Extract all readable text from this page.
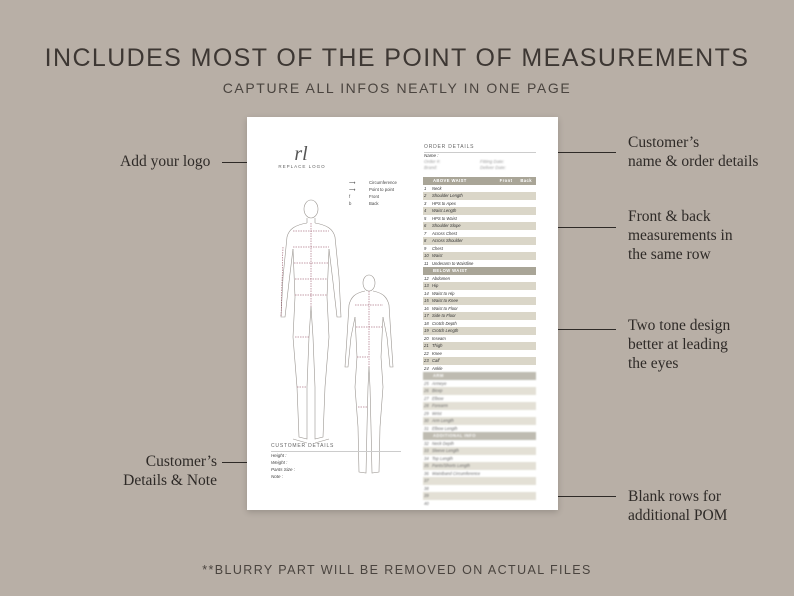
INCLUDES MOST OF THE POINT OF MEASUREMENTS
CAPTURE ALL INFOS NEATLY IN ONE PAGE
Add your logo
Customer’s
Details & Note
Customer’s
name & order details
Front & back
measurements in
the same row
Two tone design
better at leading
the eyes
Blank rows for
additional POM
rl
REPLACE LOGO
⟶	Circumference
⟶	Point to point
f	Front
b	Back
CUSTOMER DETAILS
Height :
Weight :
Pants Size :
Note :
ORDER DETAILS
Name :
Order #:	Fitting Date:
Brand:	Deliver Date:
ABOVE WAIST	Front Back
1 Neck
2 Shoulder Length
3 HPS to Apex
4 Waist Length
5 HPS to Waist
6 Shoulder Slope
7 Across Chest
8 Across Shoulder
9 Chest
10 Waist
11 Underarm to Waistline
BELOW WAIST
12 Abdomen
13 Hip
14 Waist to Hip
15 Waist to Knee
16 Waist to Floor
17 Side to Floor
18 Crotch Depth
19 Crotch Length
20 Inseam
21 Thigh
22 Knee
23 Calf
24 Ankle
ARM
25 Armeye
26 Bicep
27 Elbow
28 Forearm
29 Wrist
30 Arm Length
31 Elbow Length
ADDITIONAL INFO
32 Neck Depth
33 Sleeve Length
34 Top Length
35 Pants/Shorts Length
36 Waistband Circumference
37
38
39
40
**BLURRY PART WILL BE REMOVED ON ACTUAL FILES
